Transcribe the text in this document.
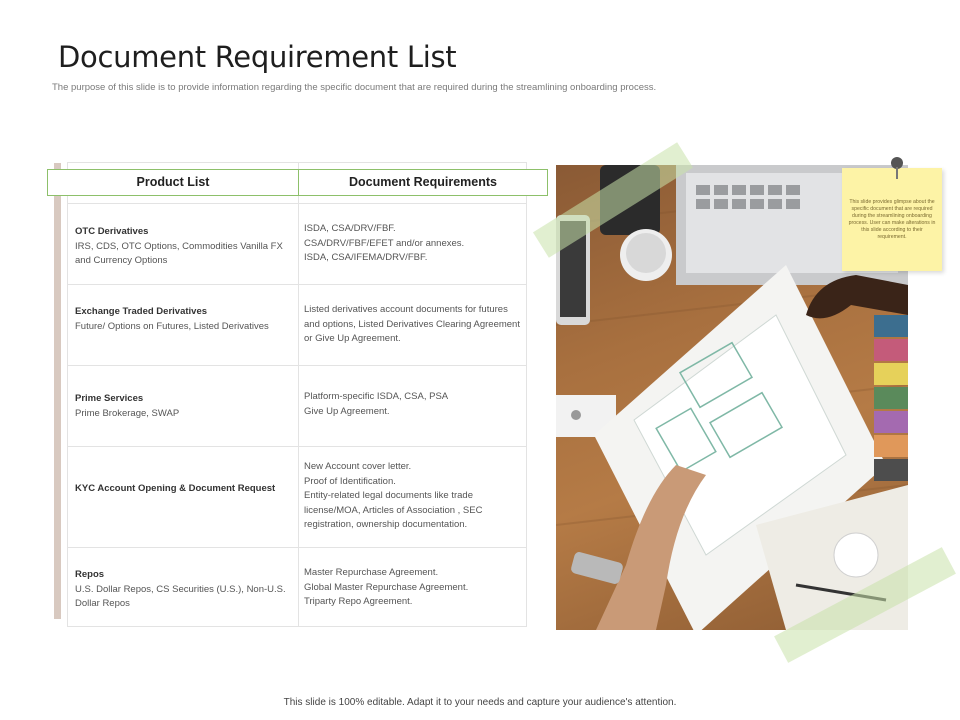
Document Requirement List
The purpose of this slide is to provide information regarding the specific document that are required during the streamlining onboarding process.
OTC Derivatives
IRS, CDS, OTC Options, Commodities Vanilla FX and Currency Options
ISDA, CSA/DRV/FBF.
CSA/DRV/FBF/EFET and/or annexes.
ISDA, CSA/IFEMA/DRV/FBF.
Exchange Traded Derivatives
Future/ Options on Futures, Listed Derivatives
Listed derivatives account documents for futures and options, Listed Derivatives Clearing Agreement or Give Up Agreement.
Prime Services
Prime Brokerage, SWAP
Platform-specific ISDA, CSA, PSA
Give Up Agreement.
KYC Account Opening & Document Request
New Account cover letter.
Proof of Identification.
Entity-related legal documents like trade license/MOA, Articles of Association , SEC registration, ownership documentation.
Repos
U.S. Dollar Repos, CS Securities (U.S.), Non-U.S. Dollar Repos
Master Repurchase Agreement.
Global Master Repurchase Agreement.
Triparty Repo Agreement.
Product List	Document Requirements
This slide provides glimpse about the specific document that are required during the streamlining onboarding process. User can make alterations in this slide according to their requirement.
This slide is 100% editable. Adapt it to your needs and capture your audience's attention.
